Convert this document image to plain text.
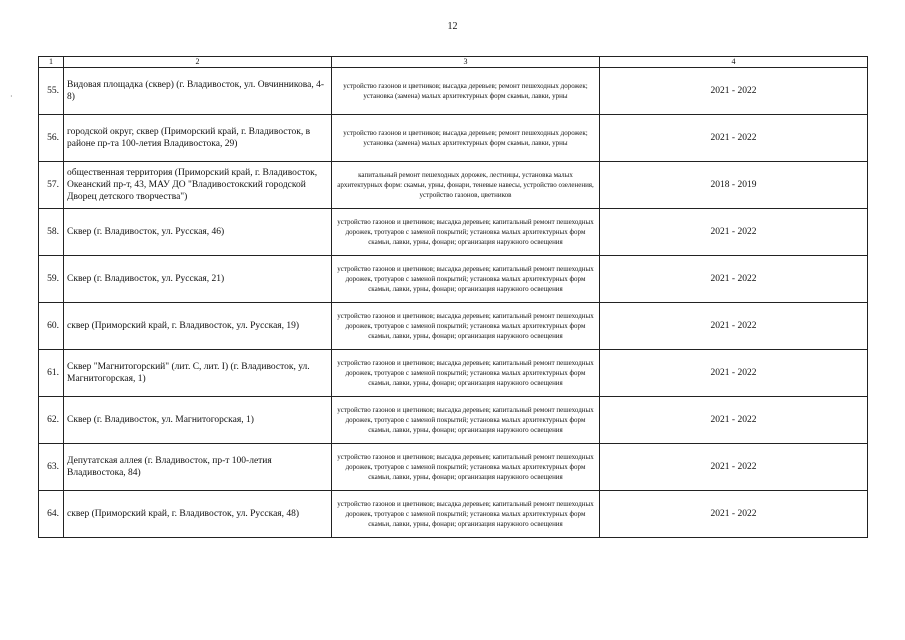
12
·
1	2	3	4
55.	Видовая площадка (сквер) (г. Владивосток, ул. Овчинникова, 4-8)	устройство газонов и цветников; высадка деревьев; ремонт пешеходных дорожек; установка (замена) малых архитектурных форм скамьи, лавки, урны	2021 - 2022
56.	городской округ, сквер (Приморский край, г. Владивосток, в районе пр-та 100-летия Владивостока, 29)	устройство газонов и цветников; высадка деревьев; ремонт пешеходных дорожек; установка (замена) малых архитектурных форм скамьи, лавки, урны	2021 - 2022
57.	общественная территория (Приморский край, г. Владивосток, Океанский пр-т, 43, МАУ ДО "Владивостокский городской Дворец детского творчества")	капитальный ремонт пешеходных дорожек, лестницы, установка малых архитектурных форм: скамьи, урны, фонари, теневые навесы, устройство озеленения, устройство газонов, цветников	2018 - 2019
58.	Сквер (г. Владивосток, ул. Русская, 46)	устройство газонов и цветников; высадка деревьев; капитальный ремонт пешеходных дорожек, тротуаров с заменой покрытий; установка малых архитектурных форм скамьи, лавки, урны, фонари; организация наружного освещения	2021 - 2022
59.	Сквер (г. Владивосток, ул. Русская, 21)	устройство газонов и цветников; высадка деревьев; капитальный ремонт пешеходных дорожек, тротуаров с заменой покрытий; установка малых архитектурных форм скамьи, лавки, урны, фонари; организация наружного освещения	2021 - 2022
60.	сквер (Приморский край, г. Владивосток, ул. Русская, 19)	устройство газонов и цветников; высадка деревьев; капитальный ремонт пешеходных дорожек, тротуаров с заменой покрытий; установка малых архитектурных форм скамьи, лавки, урны, фонари; организация наружного освещения	2021 - 2022
61.	Сквер "Магнитогорский" (лит. С, лит. I) (г. Владивосток, ул. Магнитогорская, 1)	устройство газонов и цветников; высадка деревьев; капитальный ремонт пешеходных дорожек, тротуаров с заменой покрытий; установка малых архитектурных форм скамьи, лавки, урны, фонари; организация наружного освещения	2021 - 2022
62.	Сквер (г. Владивосток, ул. Магнитогорская, 1)	устройство газонов и цветников; высадка деревьев; капитальный ремонт пешеходных дорожек, тротуаров с заменой покрытий; установка малых архитектурных форм скамьи, лавки, урны, фонари; организация наружного освещения	2021 - 2022
63.	Депутатская аллея (г. Владивосток, пр-т 100-летия Владивостока, 84)	устройство газонов и цветников; высадка деревьев; капитальный ремонт пешеходных дорожек, тротуаров с заменой покрытий; установка малых архитектурных форм скамьи, лавки, урны, фонари; организация наружного освещения	2021 - 2022
64.	сквер (Приморский край, г. Владивосток, ул. Русская, 48)	устройство газонов и цветников; высадка деревьев; капитальный ремонт пешеходных дорожек, тротуаров с заменой покрытий; установка малых архитектурных форм скамьи, лавки, урны, фонари; организация наружного освещения	2021 - 2022
